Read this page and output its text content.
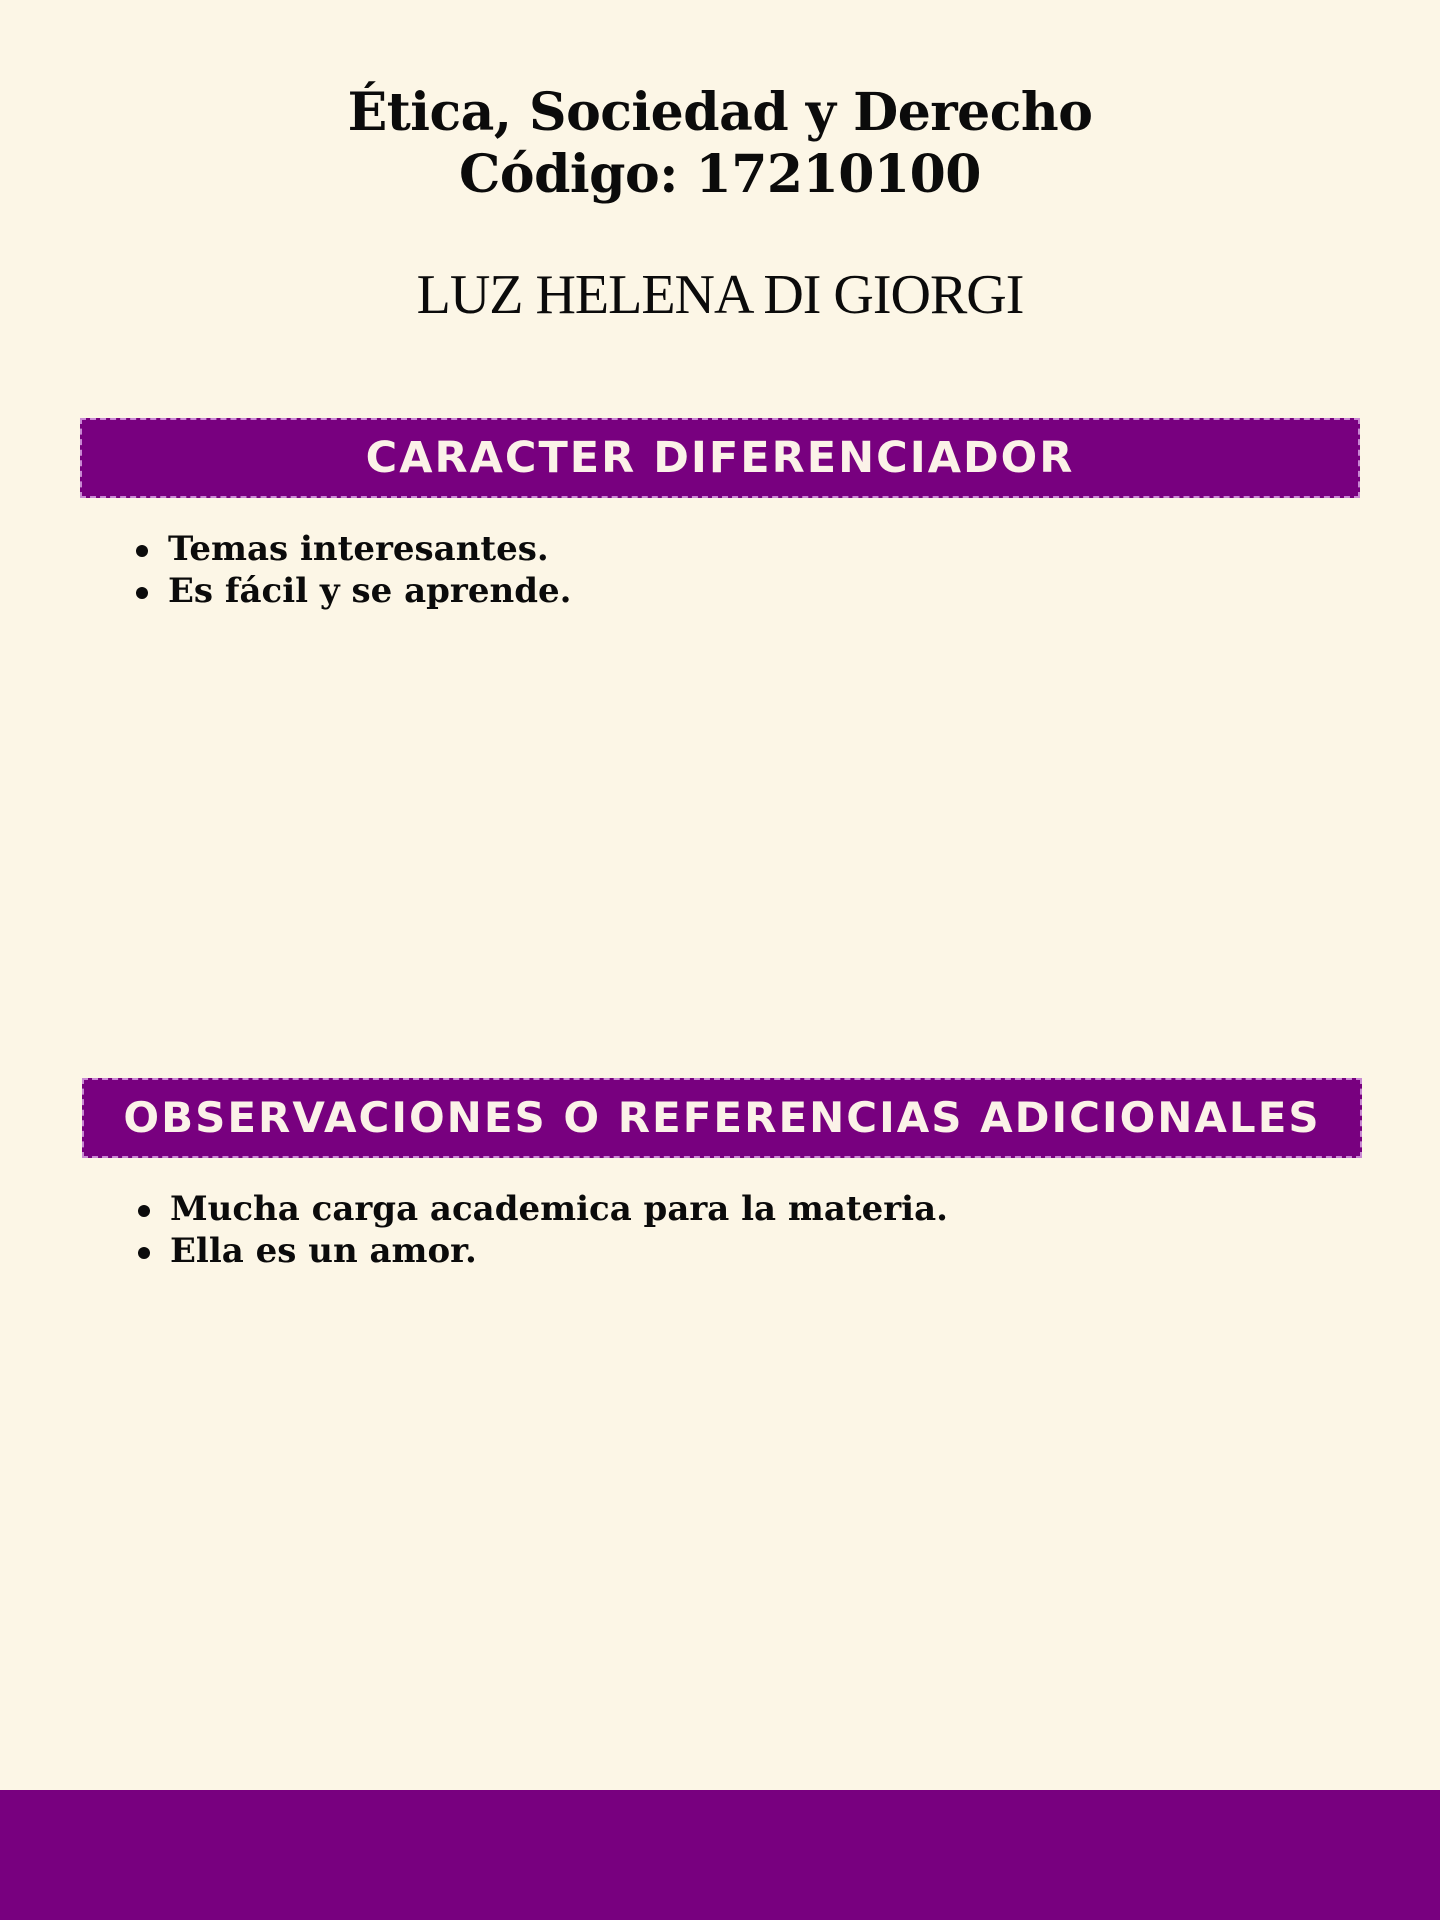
Ética, Sociedad y Derecho
Código: 17210100
LUZ HELENA DI GIORGI
CARACTER DIFERENCIADOR
Temas interesantes.
Es fácil y se aprende.
OBSERVACIONES O REFERENCIAS ADICIONALES
Mucha carga academica para la materia.
Ella es un amor.
